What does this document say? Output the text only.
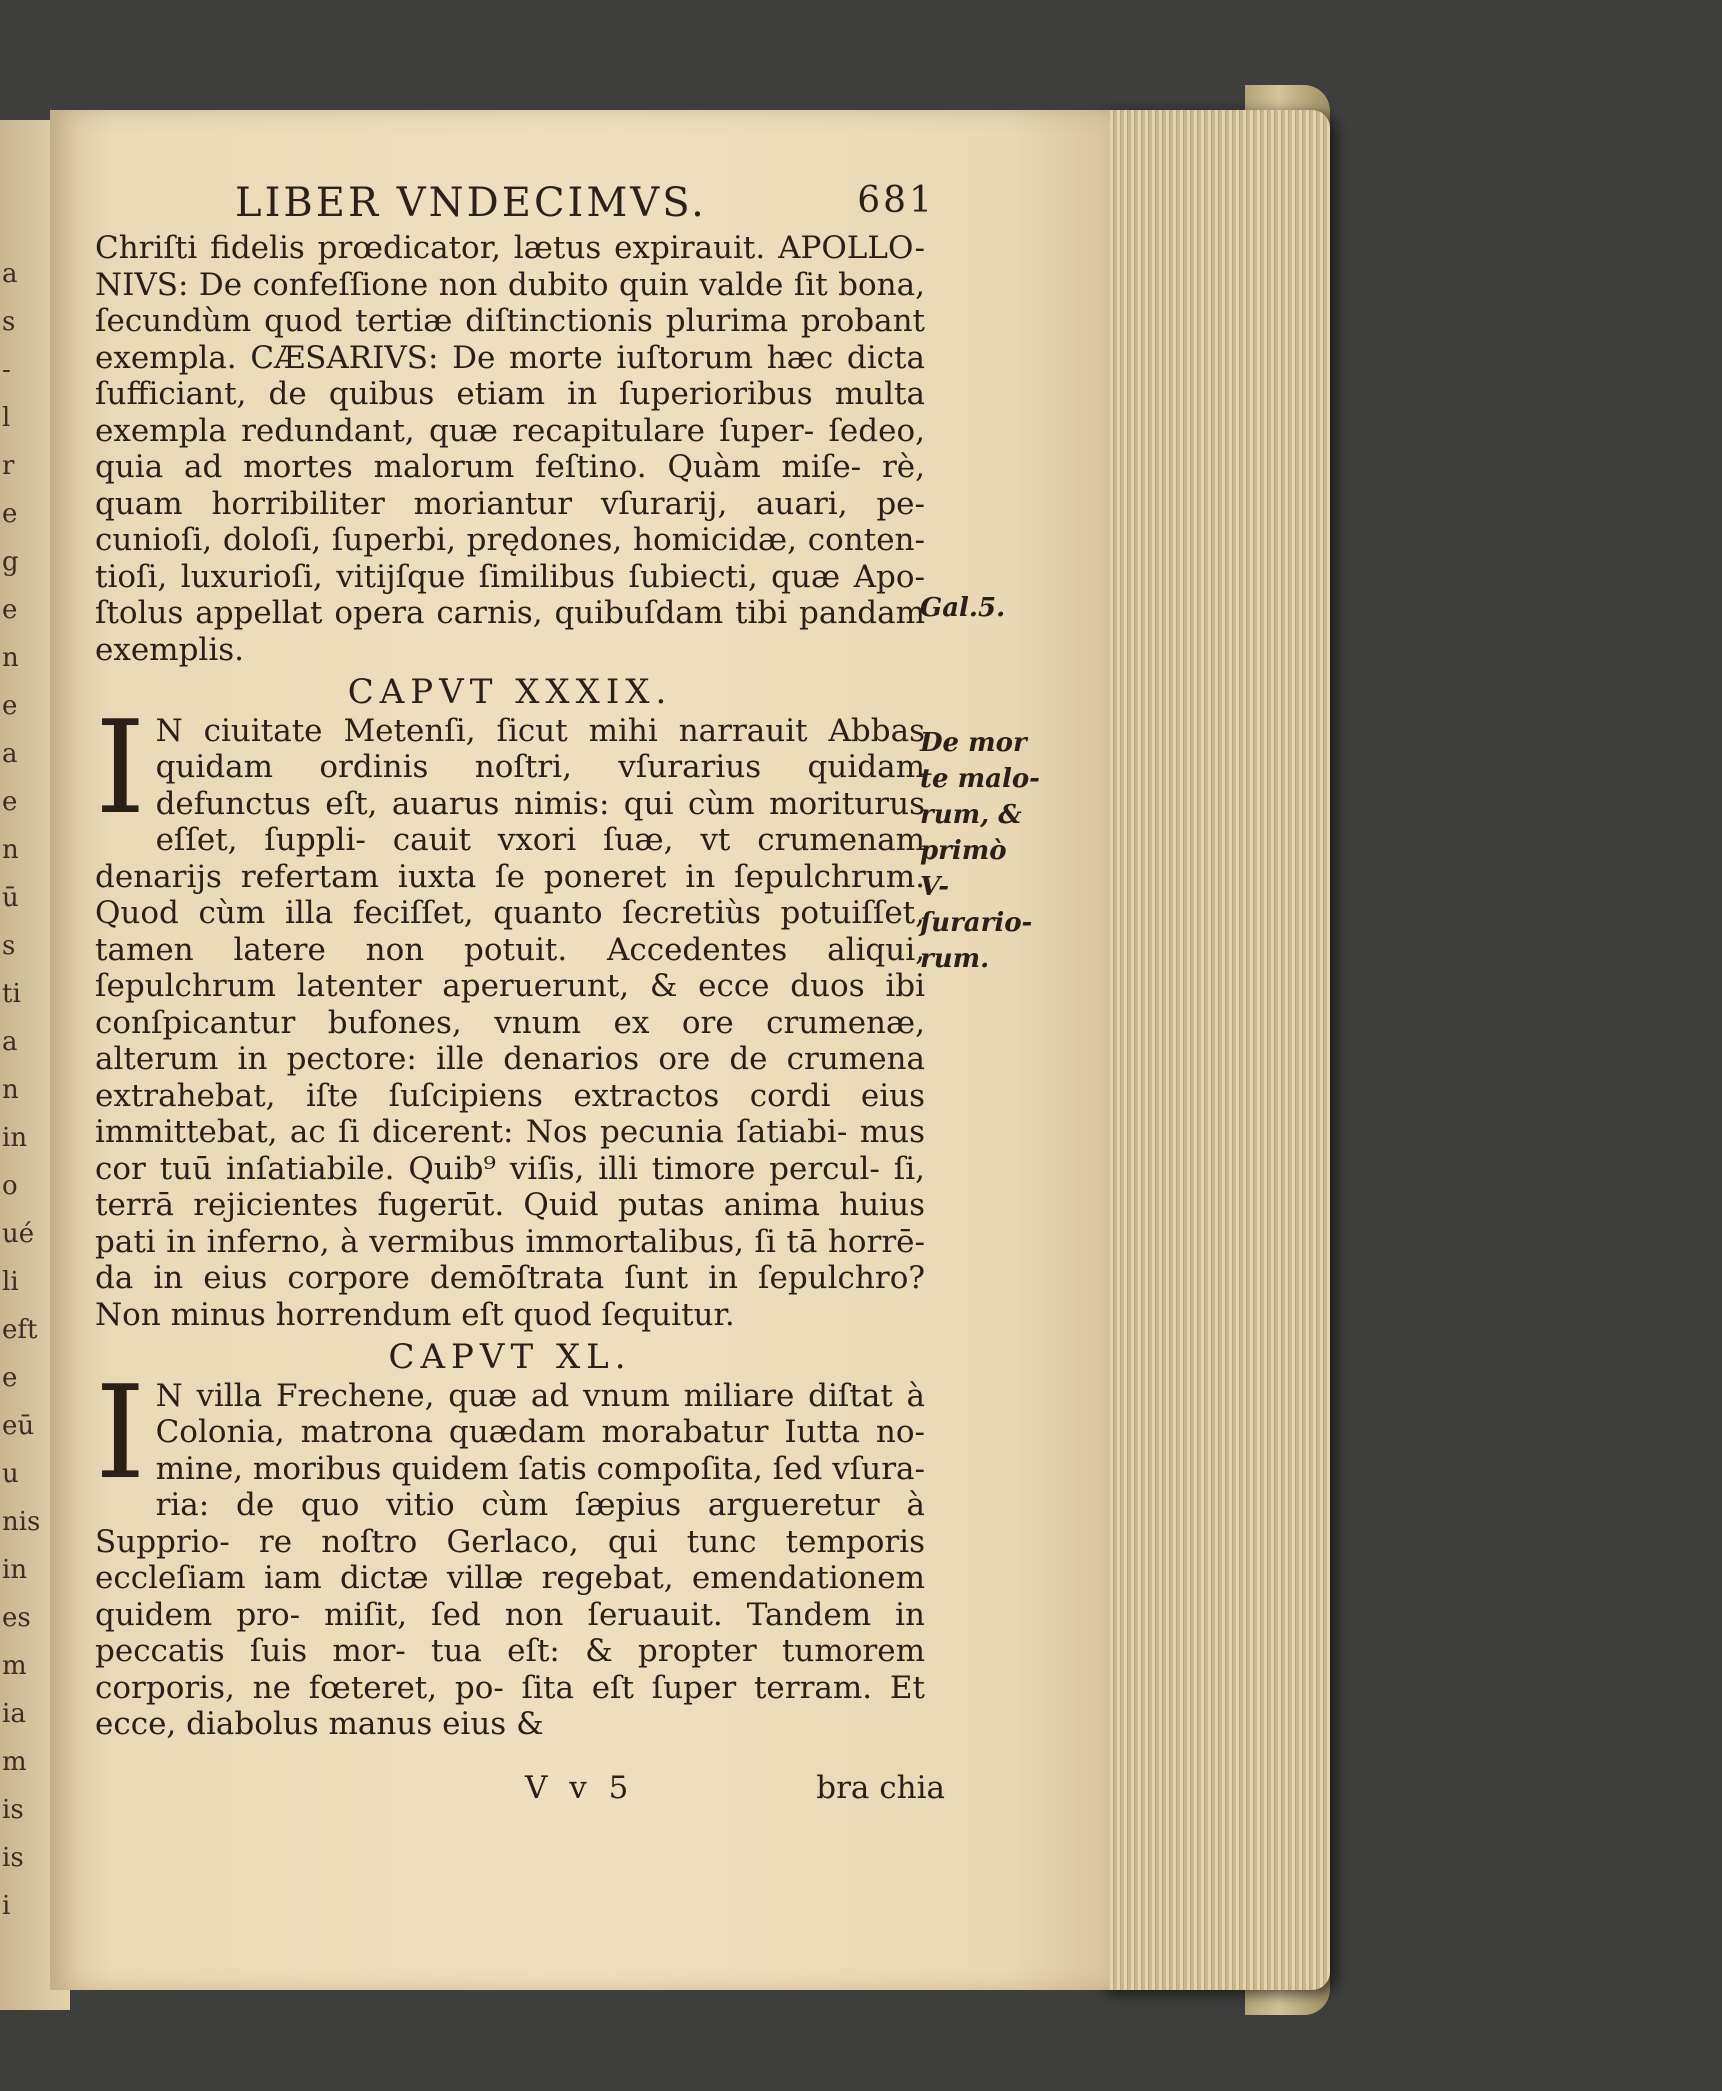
a
s
-
l
r
e
g
e
n
e
a
e
n
ū
s
ti
a
n
in
o
ué
li
eft
e
eū
u
nis
in
es
m
ia
m
is
is
i
LIBER VNDECIMVS.	681

Chriſti fidelis prœdicator, lætus expirauit. APOLLO- NIVS: De confeſſione non dubito quin valde ſit bona, ſecundùm quod tertiæ diſtinctionis plurima probant exempla. CÆSARIVS: De morte iuſtorum hæc dicta ſufficiant, de quibus etiam in ſuperioribus multa exempla redundant, quæ recapitulare ſuper- ſedeo, quia ad mortes malorum feſtino. Quàm miſe- rè, quam horribiliter moriantur vſurarij, auari, pe- cunioſi, doloſi, ſuperbi, prędones, homicidæ, conten- tioſi, luxurioſi, vitijſque ſimilibus ſubiecti, quæ Apo- ſtolus appellat opera carnis, quibuſdam tibi pandam exemplis.

CAPVT XXXIX.

I N ciuitate Metenſi, ſicut mihi narrauit Abbas quidam ordinis noſtri, vſurarius quidam defunctus eſt, auarus nimis: qui cùm moriturus eſſet, ſuppli- cauit vxori ſuæ, vt crumenam denarijs refertam iuxta ſe poneret in ſepulchrum. Quod cùm illa feciſſet, quanto ſecretiùs potuiſſet, tamen latere non potuit. Accedentes aliqui, ſepulchrum latenter aperuerunt, & ecce duos ibi conſpicantur bufones, vnum ex ore crumenæ, alterum in pectore: ille denarios ore de crumena extrahebat, iſte ſuſcipiens extractos cordi eius immittebat, ac ſi dicerent: Nos pecunia ſatiabi- mus cor tuū inſatiabile. Quib⁹ viſis, illi timore percul- ſi, terrā rejicientes fugerūt. Quid putas anima huius pati in inferno, à vermibus immortalibus, ſi tā horrē- da in eius corpore demōſtrata ſunt in ſepulchro? Non minus horrendum eſt quod ſequitur.

CAPVT XL.

I N villa Frechene, quæ ad vnum miliare diſtat à Colonia, matrona quædam morabatur Iutta no- mine, moribus quidem ſatis compoſita, ſed vſura- ria: de quo vitio cùm ſæpius argueretur à Supprio- re noſtro Gerlaco, qui tunc temporis eccleſiam iam dictæ villæ regebat, emendationem quidem pro- miſit, ſed non ſeruauit. Tandem in peccatis ſuis mor- tua eſt: & propter tumorem corporis, ne fœteret, po- ſita eſt ſuper terram. Et ecce, diabolus manus eius &

Gal.5.
De mor te malo- rum, & primò V- ſurario- rum.
V v 5	bra chia
